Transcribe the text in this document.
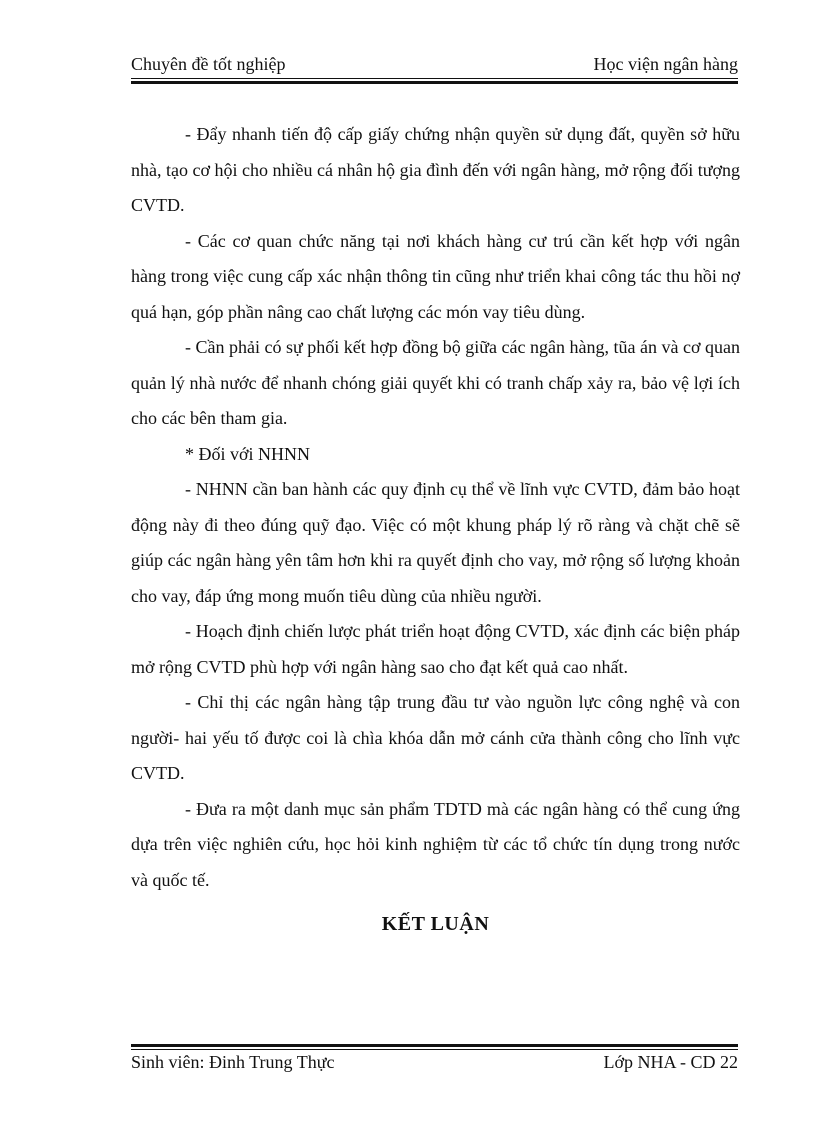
Chuyên đề tốt nghiệp	Học viện ngân hàng

- Đẩy nhanh tiến độ cấp giấy chứng nhận quyền sử dụng đất, quyền sở hữu nhà, tạo cơ hội cho nhiều cá nhân hộ gia đình đến với ngân hàng, mở rộng đối tượng CVTD.

- Các cơ quan chức năng tại nơi khách hàng cư trú cần kết hợp với ngân hàng trong việc cung cấp xác nhận thông tin cũng như triển khai công tác thu hồi nợ quá hạn, góp phần nâng cao chất lượng các món vay tiêu dùng.

- Cần phải có sự phối kết hợp đồng bộ giữa các ngân hàng, tũa án và cơ quan quản lý nhà nước để nhanh chóng giải quyết khi có tranh chấp xảy ra, bảo vệ lợi ích cho các bên tham gia.

* Đối với NHNN

- NHNN cần ban hành các quy định cụ thể về lĩnh vực CVTD, đảm bảo hoạt động này đi theo đúng quỹ đạo. Việc có một khung pháp lý rõ ràng và chặt chẽ sẽ giúp các ngân hàng yên tâm hơn khi ra quyết định cho vay, mở rộng số lượng khoản cho vay, đáp ứng mong muốn tiêu dùng của nhiều người.

- Hoạch định chiến lược phát triển hoạt động CVTD, xác định các biện pháp mở rộng CVTD phù hợp với ngân hàng sao cho đạt kết quả cao nhất.

- Chỉ thị các ngân hàng tập trung đầu tư vào nguồn lực công nghệ và con người- hai yếu tố được coi là chìa khóa dẫn mở cánh cửa thành công cho lĩnh vực CVTD.

- Đưa ra một danh mục sản phẩm TDTD mà các ngân hàng có thể cung ứng dựa trên việc nghiên cứu, học hỏi kinh nghiệm từ các tổ chức tín dụng trong nước và quốc tế.

KẾT LUẬN
Sinh viên: Đinh Trung Thực	Lớp NHA - CD 22
